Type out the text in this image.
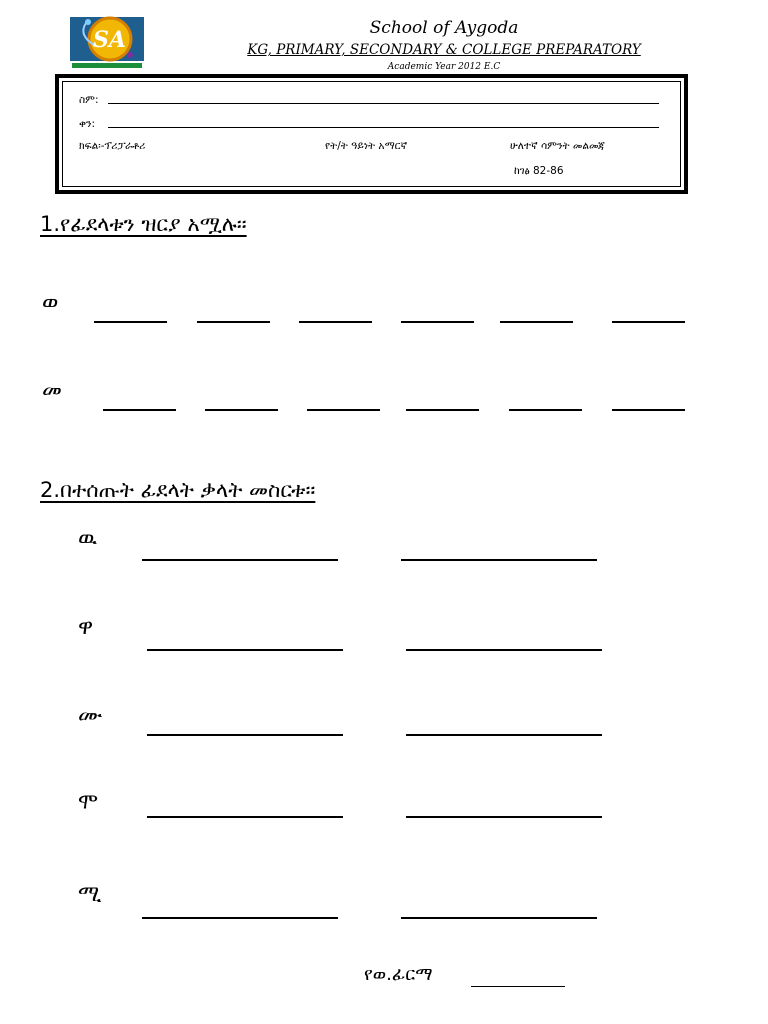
SA	School of Aygoda
KG, PRIMARY, SECONDARY & COLLEGE PREPARATORY
Academic Year 2012 E.C
ስም:
ቀን:
ክፍል፡-ፕሪፓራቶሪ	የት/ት ዓይነት አማርኛ	ሁለተኛ ሳምንት መልመጃ
ከገፅ 82-86
1.የፊደላቱን ዝርያ አሟሉ፡፡
ወ
መ
2.በተሰጡት ፊደላት ቃላት መስርቱ፡፡
ዉ
ዋ
ሙ
ሞ
ሚ
የወ.ፊርማ
